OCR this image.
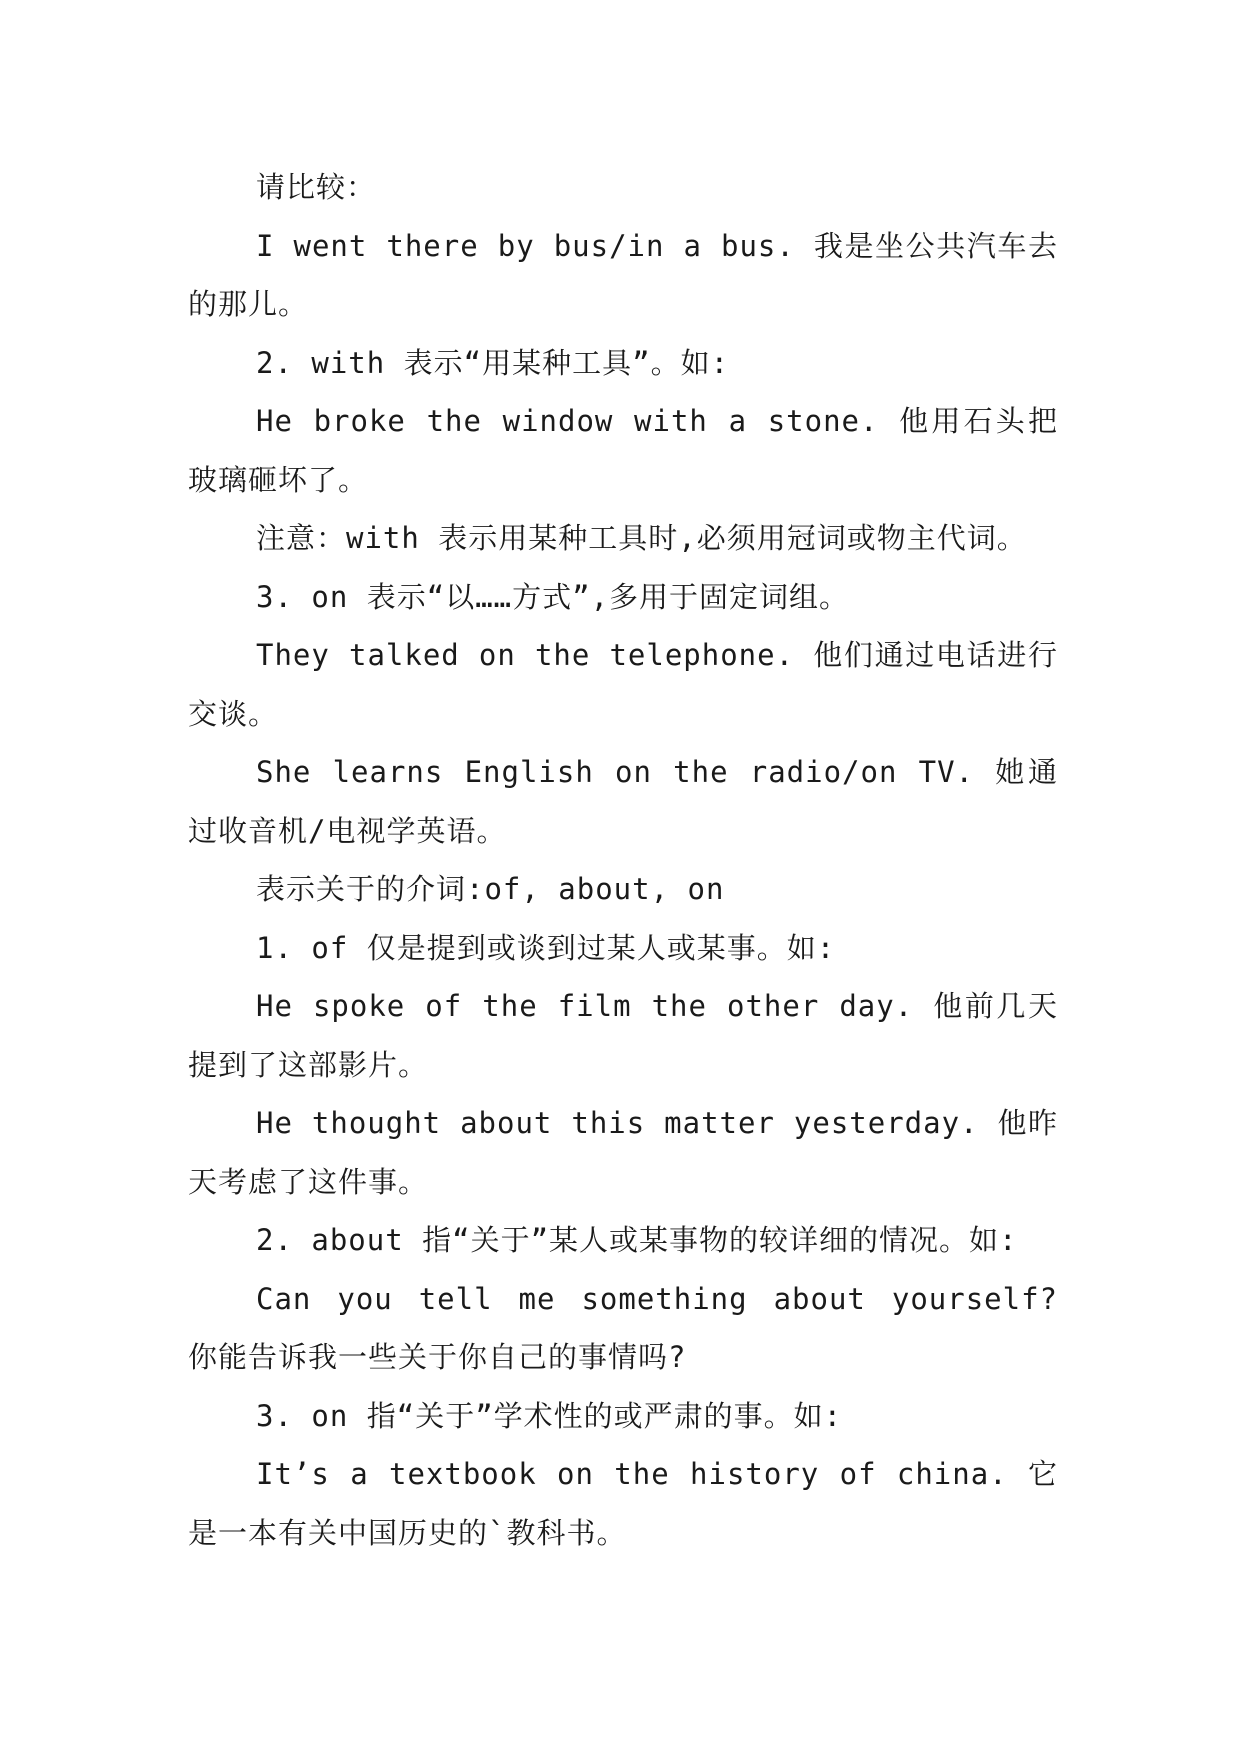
请比较：

I went there by bus/in a bus. 我是坐公共汽车去的那儿。

2. with 表示“用某种工具”。如:

He broke the window with a stone. 他用石头把玻璃砸坏了。

注意：with 表示用某种工具时,必须用冠词或物主代词。

3. on 表示“以……方式”,多用于固定词组。

They talked on the telephone. 他们通过电话进行交谈。

She learns English on the radio/on TV. 她通过收音机/电视学英语。

表示关于的介词:of, about, on

1. of 仅是提到或谈到过某人或某事。如:

He spoke of the film the other day. 他前几天提到了这部影片。

He thought about this matter yesterday. 他昨天考虑了这件事。

2. about 指“关于”某人或某事物的较详细的情况。如:

Can you tell me something about yourself? 你能告诉我一些关于你自己的事情吗?

3. on 指“关于”学术性的或严肃的事。如:

It’s a textbook on the history of china. 它是一本有关中国历史的`教科书。
